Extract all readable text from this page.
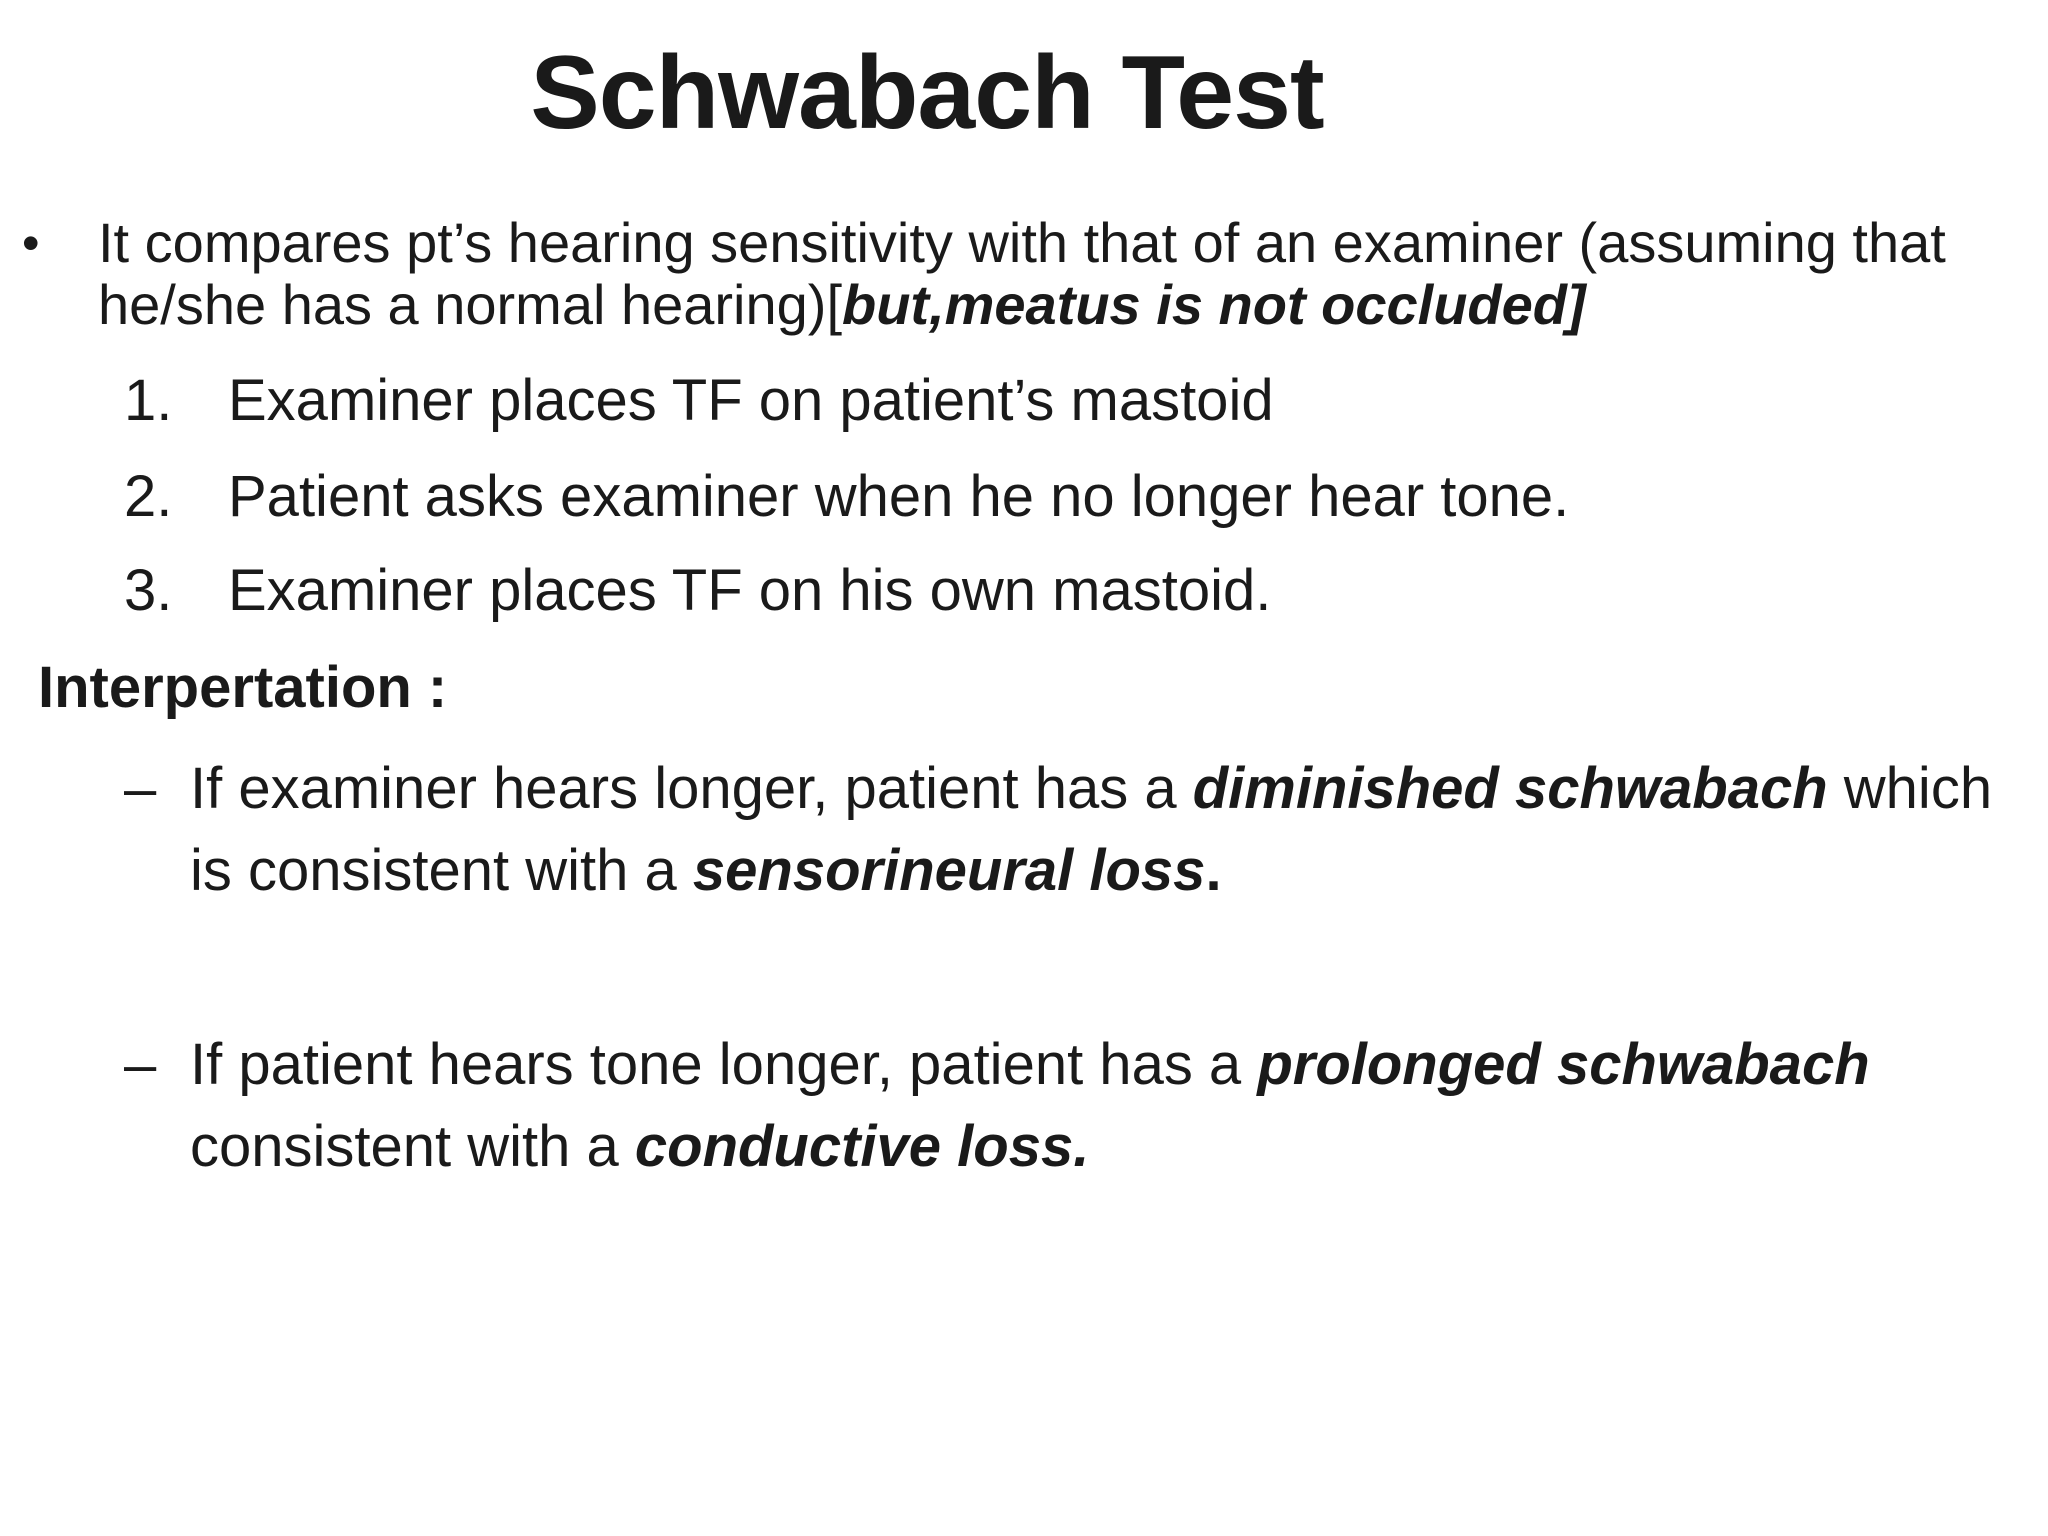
Schwabach Test
• It compares pt’s hearing sensitivity with that of an examiner (assuming that he/she has a normal hearing)[but,meatus is not occluded]
1. Examiner places TF on patient’s mastoid
2. Patient asks examiner when he no longer hear tone.
3. Examiner places TF on his own mastoid.
Interpertation :
– If examiner hears longer, patient has a diminished schwabach which is consistent with a sensorineural loss.
– If patient hears tone longer, patient has a prolonged schwabach consistent with a conductive loss.
